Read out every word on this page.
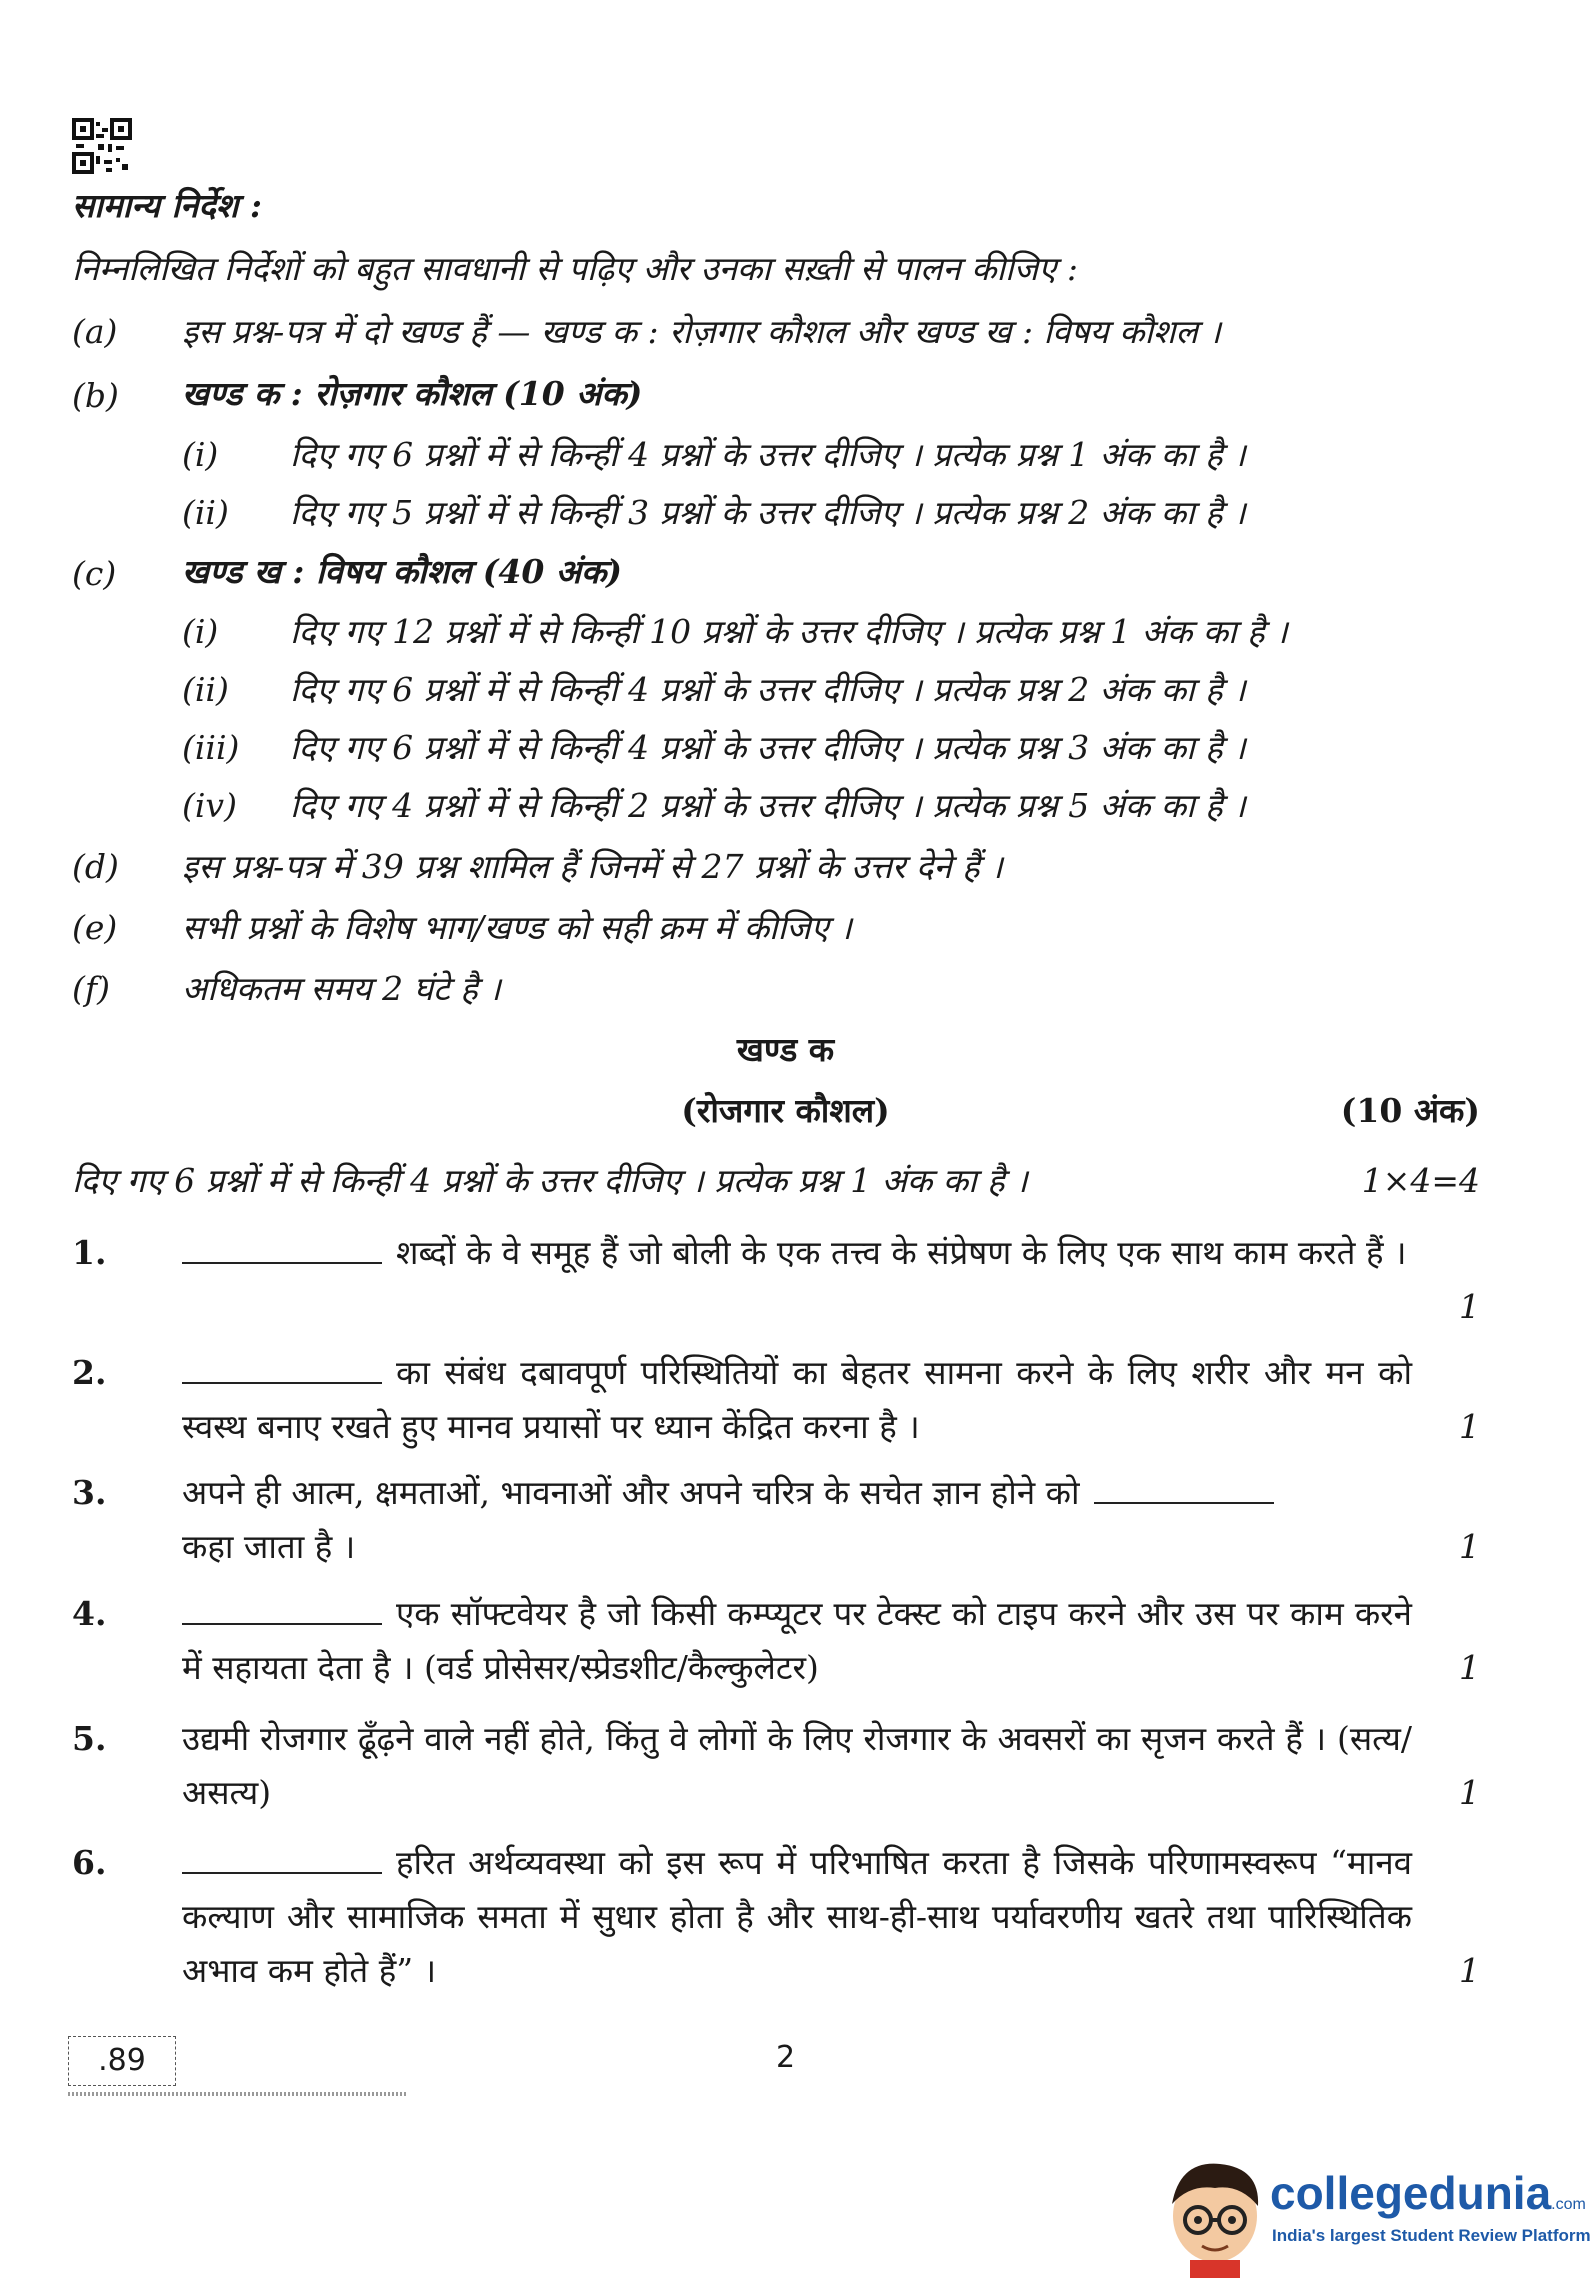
सामान्य निर्देश :
निम्नलिखित निर्देशों को बहुत सावधानी से पढ़िए और उनका सख़्ती से पालन कीजिए :
(a) इस प्रश्न-पत्र में दो खण्ड हैं — खण्ड क : रोज़गार कौशल और खण्ड ख : विषय कौशल ।
(b) खण्ड क : रोज़गार कौशल (10 अंक)
(i) दिए गए 6 प्रश्नों में से किन्हीं 4 प्रश्नों के उत्तर दीजिए । प्रत्येक प्रश्न 1 अंक का है ।
(ii) दिए गए 5 प्रश्नों में से किन्हीं 3 प्रश्नों के उत्तर दीजिए । प्रत्येक प्रश्न 2 अंक का है ।
(c) खण्ड ख : विषय कौशल (40 अंक)
(i) दिए गए 12 प्रश्नों में से किन्हीं 10 प्रश्नों के उत्तर दीजिए । प्रत्येक प्रश्न 1 अंक का है ।
(ii) दिए गए 6 प्रश्नों में से किन्हीं 4 प्रश्नों के उत्तर दीजिए । प्रत्येक प्रश्न 2 अंक का है ।
(iii) दिए गए 6 प्रश्नों में से किन्हीं 4 प्रश्नों के उत्तर दीजिए । प्रत्येक प्रश्न 3 अंक का है ।
(iv) दिए गए 4 प्रश्नों में से किन्हीं 2 प्रश्नों के उत्तर दीजिए । प्रत्येक प्रश्न 5 अंक का है ।
(d) इस प्रश्न-पत्र में 39 प्रश्न शामिल हैं जिनमें से 27 प्रश्नों के उत्तर देने हैं ।
(e) सभी प्रश्नों के विशेष भाग/खण्ड को सही क्रम में कीजिए ।
(f) अधिकतम समय 2 घंटे है ।
खण्ड क
(रोजगार कौशल)	(10 अंक)
दिए गए 6 प्रश्नों में से किन्हीं 4 प्रश्नों के उत्तर दीजिए । प्रत्येक प्रश्न 1 अंक का है ।	1×4=4
1.	शब्दों के वे समूह हैं जो बोली के एक तत्त्व के संप्रेषण के लिए एक साथ काम करते हैं ।
1
2.	का संबंध दबावपूर्ण परिस्थितियों का बेहतर सामना करने के लिए शरीर और मन को स्वस्थ बनाए रखते हुए मानव प्रयासों पर ध्यान केंद्रित करना है ।	1
3. अपने ही आत्म, क्षमताओं, भावनाओं और अपने चरित्र के सचेत ज्ञान होने को
कहा जाता है ।	1
4.	एक सॉफ्टवेयर है जो किसी कम्प्यूटर पर टेक्स्ट को टाइप करने और उस पर काम करने में सहायता देता है । (वर्ड प्रोसेसर/स्प्रेडशीट/कैल्कुलेटर)	1
5. उद्यमी रोजगार ढूँढ़ने वाले नहीं होते, किंतु वे लोगों के लिए रोजगार के अवसरों का सृजन करते हैं । (सत्य/असत्य)	1
6.	हरित अर्थव्यवस्था को इस रूप में परिभाषित करता है जिसके परिणामस्वरूप “मानव कल्याण और सामाजिक समता में सुधार होता है और साथ-ही-साथ पर्यावरणीय खतरे तथा पारिस्थितिक अभाव कम होते हैं” ।	1
.89	2
collegedunia.com
India's largest Student Review Platform
